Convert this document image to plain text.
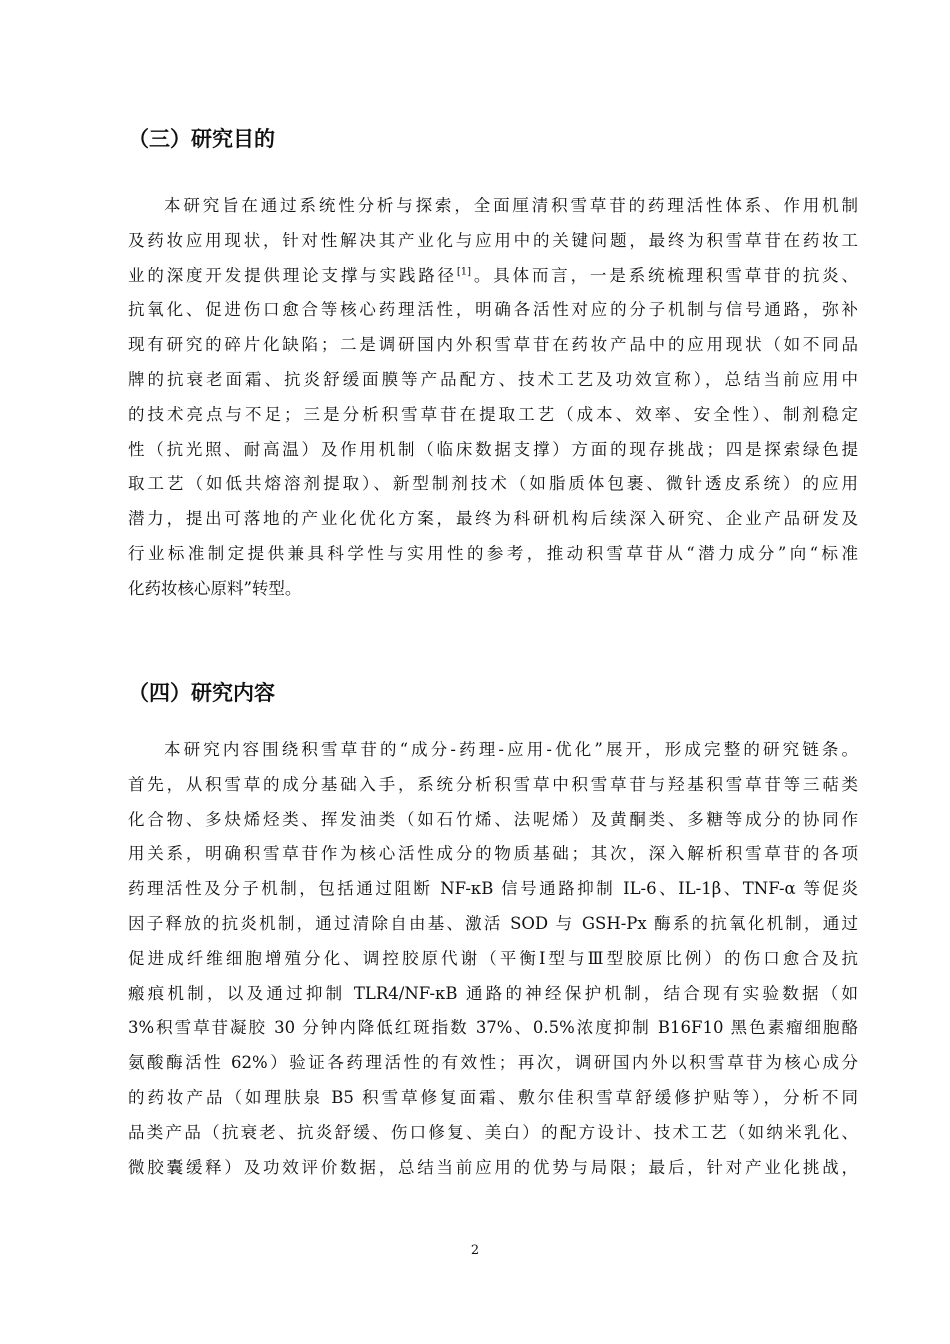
（三）研究目的
本研究旨在通过系统性分析与探索，全面厘清积雪草苷的药理活性体系、作用机制
及药妆应用现状，针对性解决其产业化与应用中的关键问题，最终为积雪草苷在药妆工
业的深度开发提供理论支撑与实践路径[1]。具体而言，一是系统梳理积雪草苷的抗炎、
抗氧化、促进伤口愈合等核心药理活性，明确各活性对应的分子机制与信号通路，弥补
现有研究的碎片化缺陷；二是调研国内外积雪草苷在药妆产品中的应用现状（如不同品
牌的抗衰老面霜、抗炎舒缓面膜等产品配方、技术工艺及功效宣称），总结当前应用中
的技术亮点与不足；三是分析积雪草苷在提取工艺（成本、效率、安全性）、制剂稳定
性（抗光照、耐高温）及作用机制（临床数据支撑）方面的现存挑战；四是探索绿色提
取工艺（如低共熔溶剂提取）、新型制剂技术（如脂质体包裹、微针透皮系统）的应用
潜力，提出可落地的产业化优化方案，最终为科研机构后续深入研究、企业产品研发及
行业标准制定提供兼具科学性与实用性的参考，推动积雪草苷从“潜力成分”向“标准
化药妆核心原料”转型。
（四）研究内容
本研究内容围绕积雪草苷的“成分-药理-应用-优化”展开，形成完整的研究链条。
首先，从积雪草的成分基础入手，系统分析积雪草中积雪草苷与羟基积雪草苷等三萜类
化合物、多炔烯烃类、挥发油类（如石竹烯、法呢烯）及黄酮类、多糖等成分的协同作
用关系，明确积雪草苷作为核心活性成分的物质基础；其次，深入解析积雪草苷的各项
药理活性及分子机制，包括通过阻断 NF-κB 信号通路抑制 IL-6、IL-1β、TNF-α 等促炎
因子释放的抗炎机制，通过清除自由基、激活 SOD 与 GSH-Px 酶系的抗氧化机制，通过
促进成纤维细胞增殖分化、调控胶原代谢（平衡Ⅰ型与Ⅲ型胶原比例）的伤口愈合及抗
瘢痕机制，以及通过抑制 TLR4/NF-κB 通路的神经保护机制，结合现有实验数据（如
3%积雪草苷凝胶 30 分钟内降低红斑指数 37%、0.5%浓度抑制 B16F10 黑色素瘤细胞酪
氨酸酶活性 62%）验证各药理活性的有效性；再次，调研国内外以积雪草苷为核心成分
的药妆产品（如理肤泉 B5 积雪草修复面霜、敷尔佳积雪草舒缓修护贴等），分析不同
品类产品（抗衰老、抗炎舒缓、伤口修复、美白）的配方设计、技术工艺（如纳米乳化、
微胶囊缓释）及功效评价数据，总结当前应用的优势与局限；最后，针对产业化挑战，
2
